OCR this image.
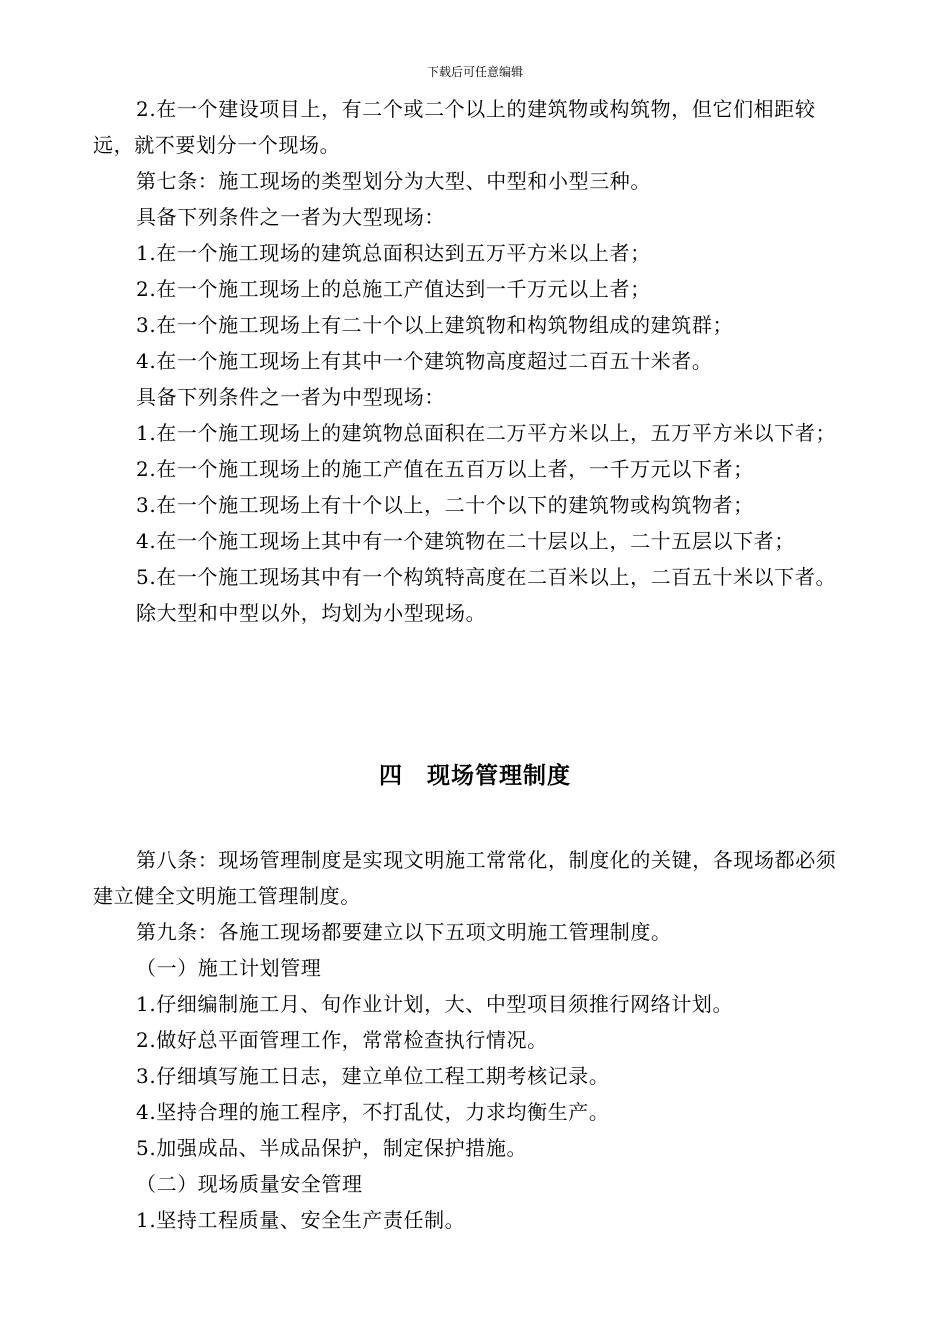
下载后可任意编辑

2.在一个建设项目上，有二个或二个以上的建筑物或构筑物，但它们相距较远，就不要划分一个现场。

第七条：施工现场的类型划分为大型、中型和小型三种。

具备下列条件之一者为大型现场：

1.在一个施工现场的建筑总面积达到五万平方米以上者；

2.在一个施工现场上的总施工产值达到一千万元以上者；

3.在一个施工现场上有二十个以上建筑物和构筑物组成的建筑群；

4.在一个施工现场上有其中一个建筑物高度超过二百五十米者。

具备下列条件之一者为中型现场：

1.在一个施工现场上的建筑物总面积在二万平方米以上，五万平方米以下者；

2.在一个施工现场上的施工产值在五百万以上者，一千万元以下者；

3.在一个施工现场上有十个以上，二十个以下的建筑物或构筑物者；

4.在一个施工现场上其中有一个建筑物在二十层以上，二十五层以下者；

5.在一个施工现场其中有一个构筑特高度在二百米以上，二百五十米以下者。

除大型和中型以外，均划为小型现场。

四 现场管理制度

第八条：现场管理制度是实现文明施工常常化，制度化的关键，各现场都必须建立健全文明施工管理制度。

第九条：各施工现场都要建立以下五项文明施工管理制度。

（一）施工计划管理

1.仔细编制施工月、旬作业计划，大、中型项目须推行网络计划。

2.做好总平面管理工作，常常检查执行情况。

3.仔细填写施工日志，建立单位工程工期考核记录。

4.坚持合理的施工程序，不打乱仗，力求均衡生产。

5.加强成品、半成品保护，制定保护措施。

（二）现场质量安全管理

1.坚持工程质量、安全生产责任制。
